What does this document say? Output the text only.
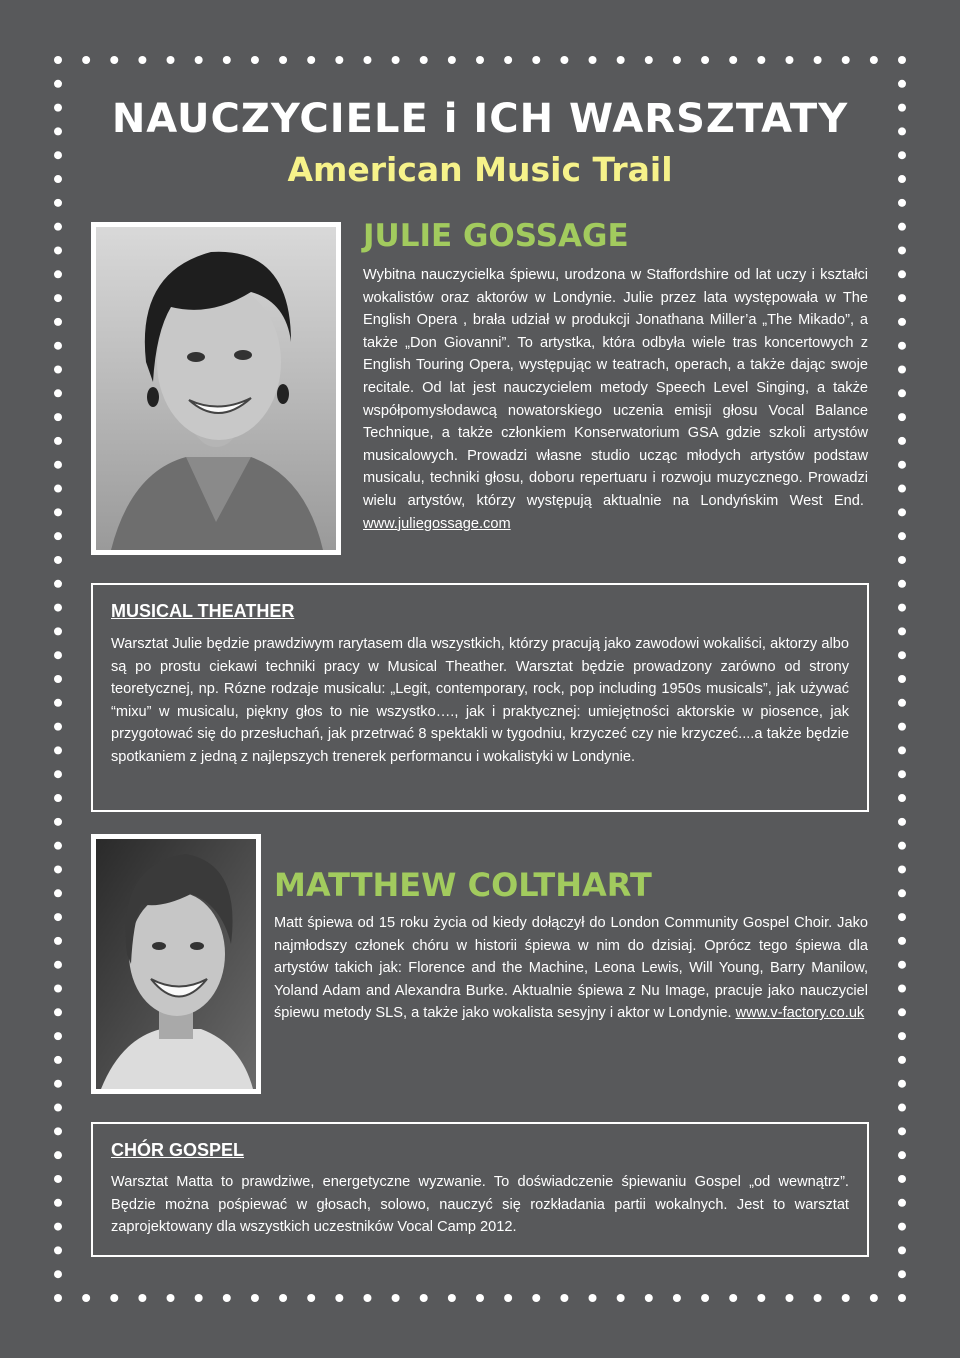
NAUCZYCIELE i ICH WARSZTATY
American Music Trail
JULIE GOSSAGE

Wybitna nauczycielka śpiewu, urodzona w Staffordshire od lat uczy i kształci wokalistów oraz aktorów w Londynie. Julie przez lata występowała w The English Opera , brała udział w produkcji Jonathana Miller’a „The Mikado”, a także „Don Giovanni”. To artystka, która odbyła wiele tras koncertowych z English Touring Opera, występując w teatrach, operach, a także dając swoje recitale. Od lat jest nauczycielem metody Speech Level Singing, a także współpomysłodawcą nowatorskiego uczenia emisji głosu Vocal Balance Technique, a także członkiem Konserwatorium GSA gdzie szkoli artystów musicalowych. Prowadzi własne studio ucząc młodych artystów podstaw musicalu, techniki głosu, doboru repertuaru i rozwoju muzycznego. Prowadzi wielu artystów, którzy występują aktualnie na Londyńskim West End.  www.juliegossage.com

MUSICAL THEATHER

Warsztat Julie będzie prawdziwym rarytasem dla wszystkich, którzy pracują jako zawodowi wokaliści, aktorzy albo są po prostu ciekawi techniki pracy w Musical Theather. Warsztat będzie prowadzony zarówno od strony teoretycznej, np. Rózne rodzaje musicalu: „Legit, contemporary, rock, pop including 1950s musicals”, jak używać “mixu” w musicalu, piękny głos to nie wszystko…., jak i praktycznej: umiejętności aktorskie w piosence, jak przygotować się do przesłuchań, jak przetrwać 8 spektakli w tygodniu, krzyczeć czy nie krzyczeć....a także będzie spotkaniem z jedną z najlepszych trenerek performancu i wokalistyki w Londynie.

MATTHEW COLTHART

Matt śpiewa od 15 roku życia od kiedy dołączył do London Community Gospel Choir. Jako najmłodszy członek chóru w historii śpiewa w nim do dzisiaj. Oprócz tego śpiewa dla artystów takich jak: Florence and the Machine, Leona Lewis, Will Young, Barry Manilow, Yoland Adam and Alexandra Burke. Aktualnie śpiewa z Nu Image, pracuje jako nauczyciel śpiewu metody SLS, a także jako wokalista sesyjny i aktor w Londynie. www.v-factory.co.uk

CHÓR GOSPEL

Warsztat Matta to prawdziwe, energetyczne wyzwanie. To doświadczenie śpiewaniu Gospel „od wewnątrz”. Będzie można pośpiewać w głosach, solowo, nauczyć się rozkładania partii wokalnych. Jest to warsztat zaprojektowany dla wszystkich uczestników Vocal Camp 2012.
